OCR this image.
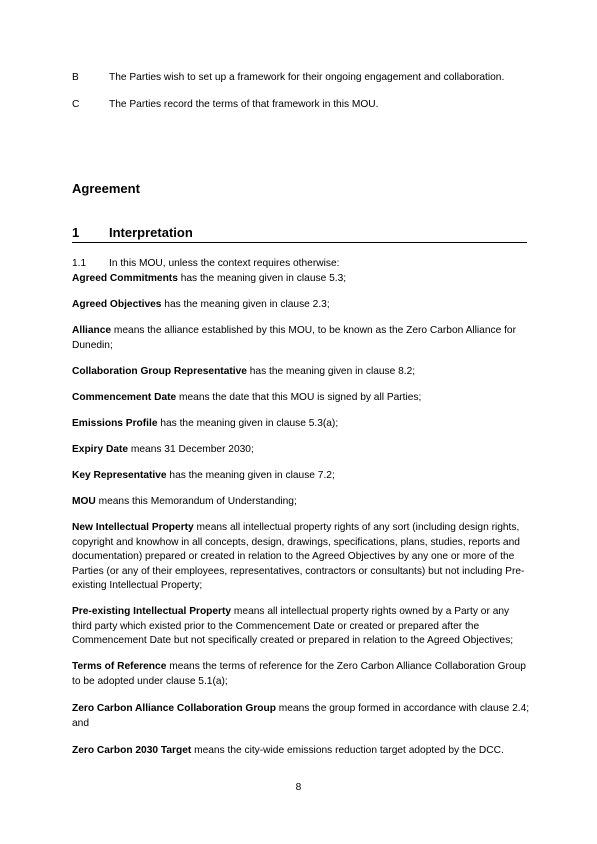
B	The Parties wish to set up a framework for their ongoing engagement and collaboration.
C	The Parties record the terms of that framework in this MOU.
Agreement
1 Interpretation
1.1 In this MOU, unless the context requires otherwise:

Agreed Commitments has the meaning given in clause 5.3;

Agreed Objectives has the meaning given in clause 2.3;

Alliance means the alliance established by this MOU, to be known as the Zero Carbon Alliance for Dunedin;

Collaboration Group Representative has the meaning given in clause 8.2;

Commencement Date means the date that this MOU is signed by all Parties;

Emissions Profile has the meaning given in clause 5.3(a);

Expiry Date means 31 December 2030;

Key Representative has the meaning given in clause 7.2;

MOU means this Memorandum of Understanding;

New Intellectual Property means all intellectual property rights of any sort (including design rights, copyright and knowhow in all concepts, design, drawings, specifications, plans, studies, reports and documentation) prepared or created in relation to the Agreed Objectives by any one or more of the Parties (or any of their employees, representatives, contractors or consultants) but not including Pre-existing Intellectual Property;

Pre-existing Intellectual Property means all intellectual property rights owned by a Party or any third party which existed prior to the Commencement Date or created or prepared after the Commencement Date but not specifically created or prepared in relation to the Agreed Objectives;

Terms of Reference means the terms of reference for the Zero Carbon Alliance Collaboration Group to be adopted under clause 5.1(a);

Zero Carbon Alliance Collaboration Group means the group formed in accordance with clause 2.4; and

Zero Carbon 2030 Target means the city-wide emissions reduction target adopted by the DCC.

8
